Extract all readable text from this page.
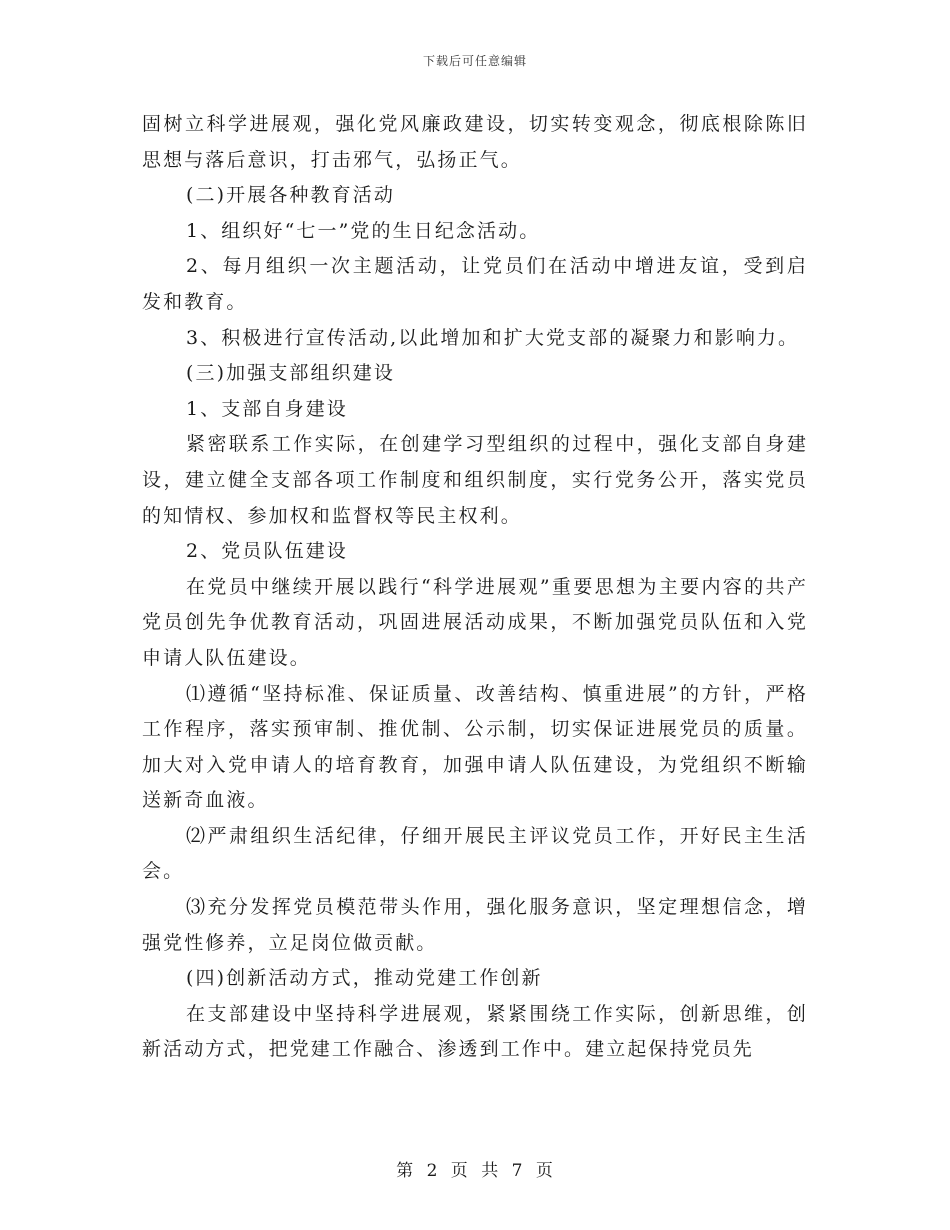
下载后可任意编辑

固树立科学进展观，强化党风廉政建设，切实转变观念，彻底根除陈旧思想与落后意识，打击邪气，弘扬正气。

(二)开展各种教育活动

1、组织好“七一”党的生日纪念活动。

2、每月组织一次主题活动，让党员们在活动中增进友谊，受到启发和教育。

3、积极进行宣传活动,以此增加和扩大党支部的凝聚力和影响力。

(三)加强支部组织建设

1、支部自身建设

紧密联系工作实际，在创建学习型组织的过程中，强化支部自身建设，建立健全支部各项工作制度和组织制度，实行党务公开，落实党员的知情权、参加权和监督权等民主权利。

2、党员队伍建设

在党员中继续开展以践行“科学进展观”重要思想为主要内容的共产党员创先争优教育活动，巩固进展活动成果，不断加强党员队伍和入党申请人队伍建设。

⑴遵循“坚持标准、保证质量、改善结构、慎重进展”的方针，严格工作程序，落实预审制、推优制、公示制，切实保证进展党员的质量。加大对入党申请人的培育教育，加强申请人队伍建设，为党组织不断输送新奇血液。

⑵严肃组织生活纪律，仔细开展民主评议党员工作，开好民主生活会。

⑶充分发挥党员模范带头作用，强化服务意识，坚定理想信念，增强党性修养，立足岗位做贡献。

(四)创新活动方式，推动党建工作创新

在支部建设中坚持科学进展观，紧紧围绕工作实际，创新思维，创新活动方式，把党建工作融合、渗透到工作中。建立起保持党员先

第 2 页 共 7 页
